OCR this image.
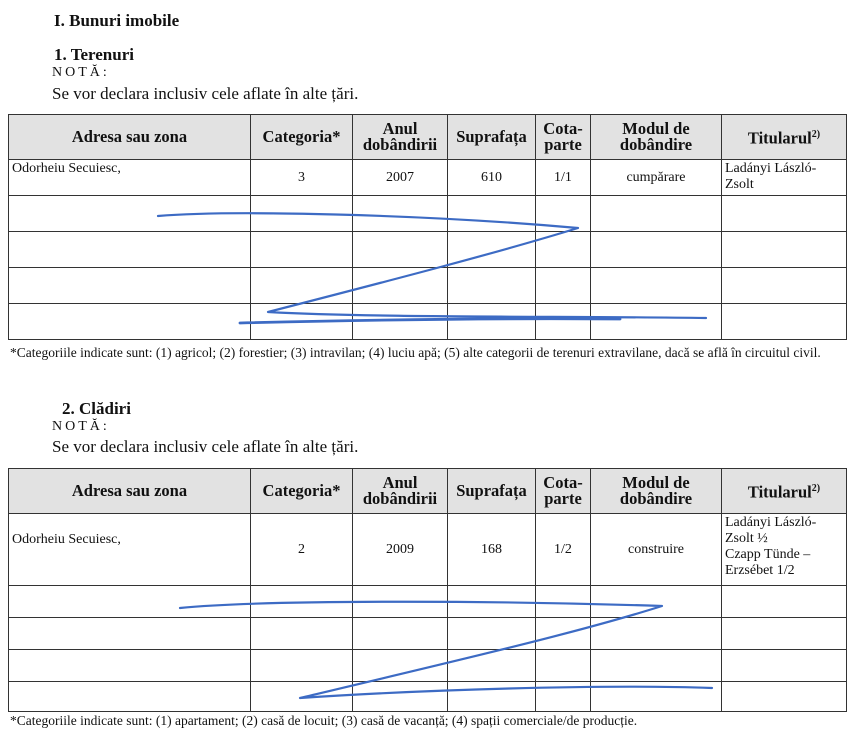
I. Bunuri imobile
1. Terenuri
NOTĂ:
Se vor declara inclusiv cele aflate în alte țări.
Adresa sau zona	Categoria*	Anul dobândirii	Suprafața	Cota-parte	Modul de dobândire	Titularul$^{2)}$
Odorheiu Secuiesc,	3	2007	610	1/1	cumpărare	Ladányi László-Zsolt

*Categoriile indicate sunt: (1) agricol; (2) forestier; (3) intravilan; (4) luciu apă; (5) alte categorii de terenuri extravilane, dacă se află în circuitul civil.
2. Clădiri
NOTĂ:
Se vor declara inclusiv cele aflate în alte țări.
Adresa sau zona	Categoria*	Anul dobândirii	Suprafața	Cota-parte	Modul de dobândire	Titularul$^{2)}$
Odorheiu Secuiesc,	2	2009	168	1/2	construire	Ladányi László-Zsolt ½
Czapp Tünde –
Erzsébet 1/2

*Categoriile indicate sunt: (1) apartament; (2) casă de locuit; (3) casă de vacanță; (4) spații comerciale/de producție.
